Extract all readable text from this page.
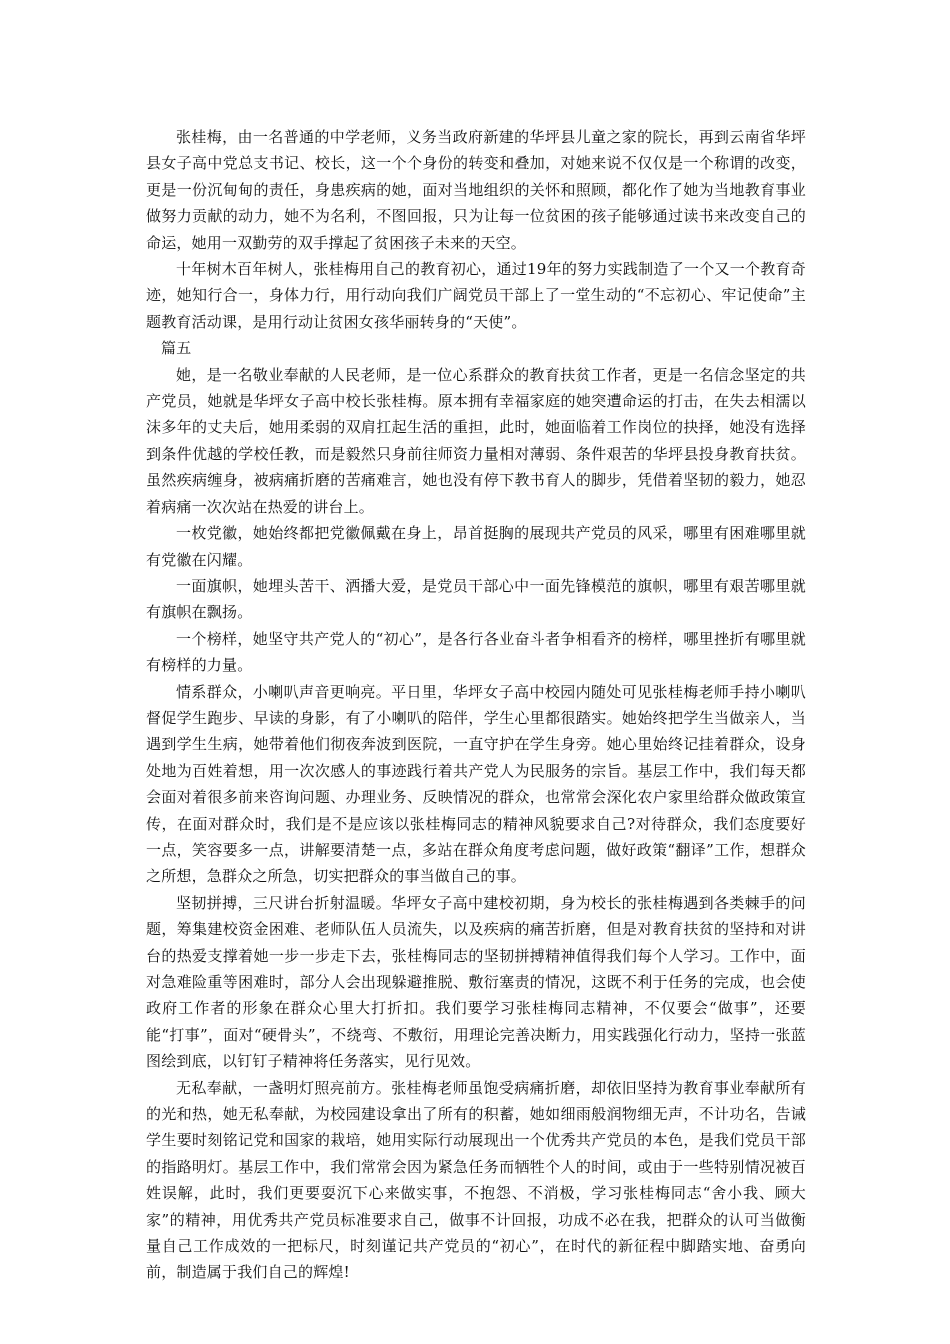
张桂梅，由一名普通的中学老师，义务当政府新建的华坪县儿童之家的院长，再到云南省华坪县女子高中党总支书记、校长，这一个个身份的转变和叠加，对她来说不仅仅是一个称谓的改变，更是一份沉甸甸的责任，身患疾病的她，面对当地组织的关怀和照顾，都化作了她为当地教育事业做努力贡献的动力，她不为名利，不图回报，只为让每一位贫困的孩子能够通过读书来改变自己的命运，她用一双勤劳的双手撑起了贫困孩子未来的天空。

十年树木百年树人，张桂梅用自己的教育初心，通过19年的努力实践制造了一个又一个教育奇迹，她知行合一，身体力行，用行动向我们广阔党员干部上了一堂生动的“不忘初心、牢记使命”主题教育活动课，是用行动让贫困女孩华丽转身的“天使”。

篇五

她，是一名敬业奉献的人民老师，是一位心系群众的教育扶贫工作者，更是一名信念坚定的共产党员，她就是华坪女子高中校长张桂梅。原本拥有幸福家庭的她突遭命运的打击，在失去相濡以沫多年的丈夫后，她用柔弱的双肩扛起生活的重担，此时，她面临着工作岗位的抉择，她没有选择到条件优越的学校任教，而是毅然只身前往师资力量相对薄弱、条件艰苦的华坪县投身教育扶贫。虽然疾病缠身，被病痛折磨的苦痛难言，她也没有停下教书育人的脚步，凭借着坚韧的毅力，她忍着病痛一次次站在热爱的讲台上。

一枚党徽，她始终都把党徽佩戴在身上，昂首挺胸的展现共产党员的风采，哪里有困难哪里就有党徽在闪耀。

一面旗帜，她埋头苦干、洒播大爱，是党员干部心中一面先锋模范的旗帜，哪里有艰苦哪里就有旗帜在飘扬。

一个榜样，她坚守共产党人的“初心”，是各行各业奋斗者争相看齐的榜样，哪里挫折有哪里就有榜样的力量。

情系群众，小喇叭声音更响亮。平日里，华坪女子高中校园内随处可见张桂梅老师手持小喇叭督促学生跑步、早读的身影，有了小喇叭的陪伴，学生心里都很踏实。她始终把学生当做亲人，当遇到学生生病，她带着他们彻夜奔波到医院，一直守护在学生身旁。她心里始终记挂着群众，设身处地为百姓着想，用一次次感人的事迹践行着共产党人为民服务的宗旨。基层工作中，我们每天都会面对着很多前来咨询问题、办理业务、反映情况的群众，也常常会深化农户家里给群众做政策宣传，在面对群众时，我们是不是应该以张桂梅同志的精神风貌要求自己?对待群众，我们态度要好一点，笑容要多一点，讲解要清楚一点，多站在群众角度考虑问题，做好政策“翻译”工作，想群众之所想，急群众之所急，切实把群众的事当做自己的事。

坚韧拼搏，三尺讲台折射温暖。华坪女子高中建校初期，身为校长的张桂梅遇到各类棘手的问题，筹集建校资金困难、老师队伍人员流失，以及疾病的痛苦折磨，但是对教育扶贫的坚持和对讲台的热爱支撑着她一步一步走下去，张桂梅同志的坚韧拼搏精神值得我们每个人学习。工作中，面对急难险重等困难时，部分人会出现躲避推脱、敷衍塞责的情况，这既不利于任务的完成，也会使政府工作者的形象在群众心里大打折扣。我们要学习张桂梅同志精神，不仅要会“做事”，还要能“打事”，面对“硬骨头”，不绕弯、不敷衍，用理论完善决断力，用实践强化行动力，坚持一张蓝图绘到底，以钉钉子精神将任务落实，见行见效。

无私奉献，一盏明灯照亮前方。张桂梅老师虽饱受病痛折磨，却依旧坚持为教育事业奉献所有的光和热，她无私奉献，为校园建设拿出了所有的积蓄，她如细雨般润物细无声，不计功名，告诫学生要时刻铭记党和国家的栽培，她用实际行动展现出一个优秀共产党员的本色，是我们党员干部的指路明灯。基层工作中，我们常常会因为紧急任务而牺牲个人的时间，或由于一些特别情况被百姓误解，此时，我们更要耍沉下心来做实事，不抱怨、不消极，学习张桂梅同志“舍小我、顾大家”的精神，用优秀共产党员标准要求自己，做事不计回报，功成不必在我，把群众的认可当做衡量自己工作成效的一把标尺，时刻谨记共产党员的“初心”，在时代的新征程中脚踏实地、奋勇向前，制造属于我们自己的辉煌!
